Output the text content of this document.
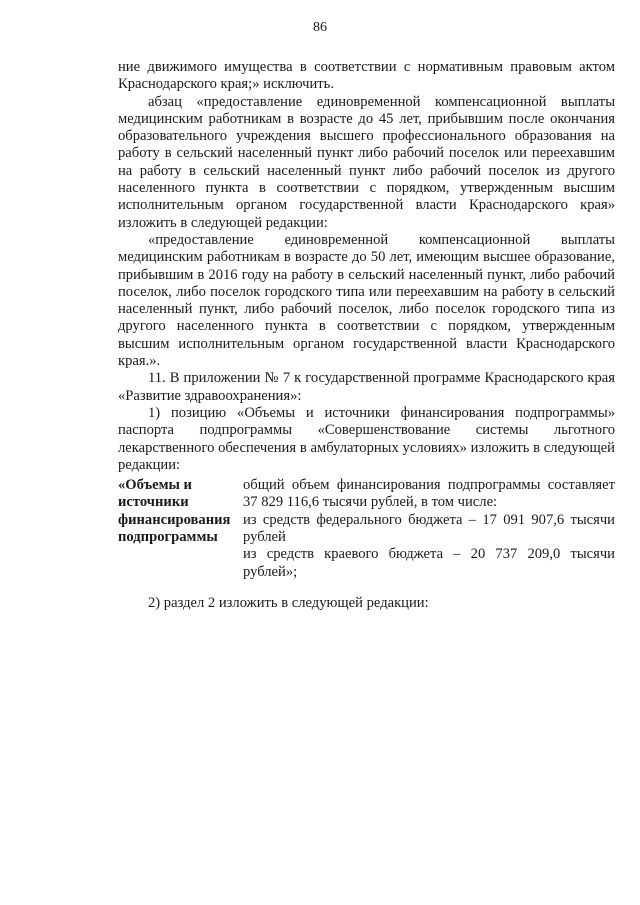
86

ние движимого имущества в соответствии с нормативным правовым актом Краснодарского края;» исключить.

абзац «предоставление единовременной компенсационной выплаты медицинским работникам в возрасте до 45 лет, прибывшим после окончания образовательного учреждения высшего профессионального образования на работу в сельский населенный пункт либо рабочий поселок или переехавшим на работу в сельский населенный пункт либо рабочий поселок из другого населенного пункта в соответствии с порядком, утвержденным высшим исполнительным органом государственной власти Краснодарского края» изложить в следующей редакции:

«предоставление единовременной компенсационной выплаты медицинским работникам в возрасте до 50 лет, имеющим высшее образование, прибывшим в 2016 году на работу в сельский населенный пункт, либо рабочий поселок, либо поселок городского типа или переехавшим на работу в сельский населенный пункт, либо рабочий поселок, либо поселок городского типа из другого населенного пункта в соответствии с порядком, утвержденным высшим исполнительным органом государственной власти Краснодарского края.».

11. В приложении № 7 к государственной программе Краснодарского края «Развитие здравоохранения»:

1) позицию «Объемы и источники финансирования подпрограммы» паспорта подпрограммы «Совершенствование системы льготного лекарственного обеспечения в амбулаторных условиях» изложить в следующей редакции:

«Объемы и источники финансирования подпрограммы

общий объем финансирования подпрограммы составляет 37 829 116,6 тысячи рублей, в том числе:

из средств федерального бюджета – 17 091 907,6 тысячи рублей

из средств краевого бюджета – 20 737 209,0 тысячи рублей»;

2) раздел 2 изложить в следующей редакции:
